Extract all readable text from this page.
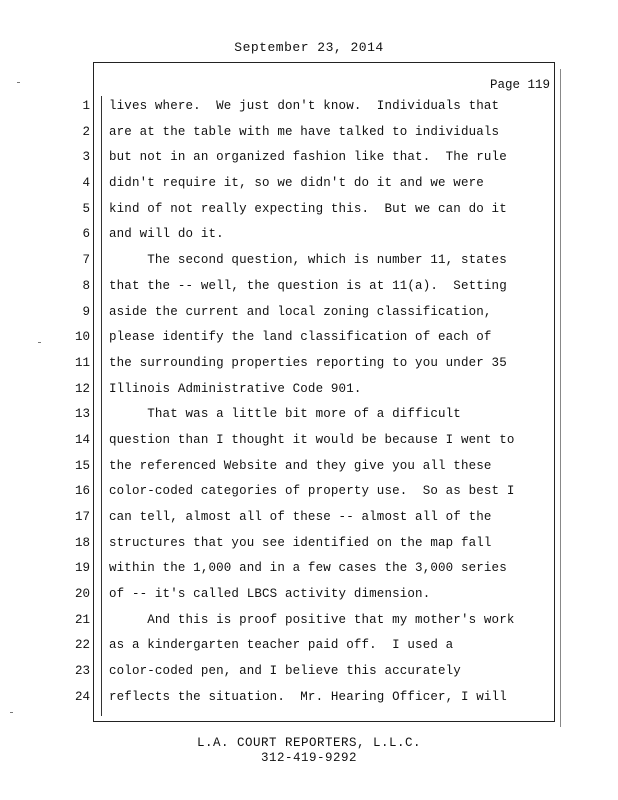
September 23, 2014
Page 119
1
2
3
4
5
6
7
8
9
10
11
12
13
14
15
16
17
18
19
20
21
22
23
24
lives where.  We just don't know.  Individuals that
are at the table with me have talked to individuals
but not in an organized fashion like that.  The rule
didn't require it, so we didn't do it and we were
kind of not really expecting this.  But we can do it
and will do it.
The second question, which is number 11, states
that the -- well, the question is at 11(a).  Setting
aside the current and local zoning classification,
please identify the land classification of each of
the surrounding properties reporting to you under 35
Illinois Administrative Code 901.
That was a little bit more of a difficult
question than I thought it would be because I went to
the referenced Website and they give you all these
color-coded categories of property use.  So as best I
can tell, almost all of these -- almost all of the
structures that you see identified on the map fall
within the 1,000 and in a few cases the 3,000 series
of -- it's called LBCS activity dimension.
And this is proof positive that my mother's work
as a kindergarten teacher paid off.  I used a
color-coded pen, and I believe this accurately
reflects the situation.  Mr. Hearing Officer, I will
L.A. COURT REPORTERS, L.L.C.
312-419-9292
